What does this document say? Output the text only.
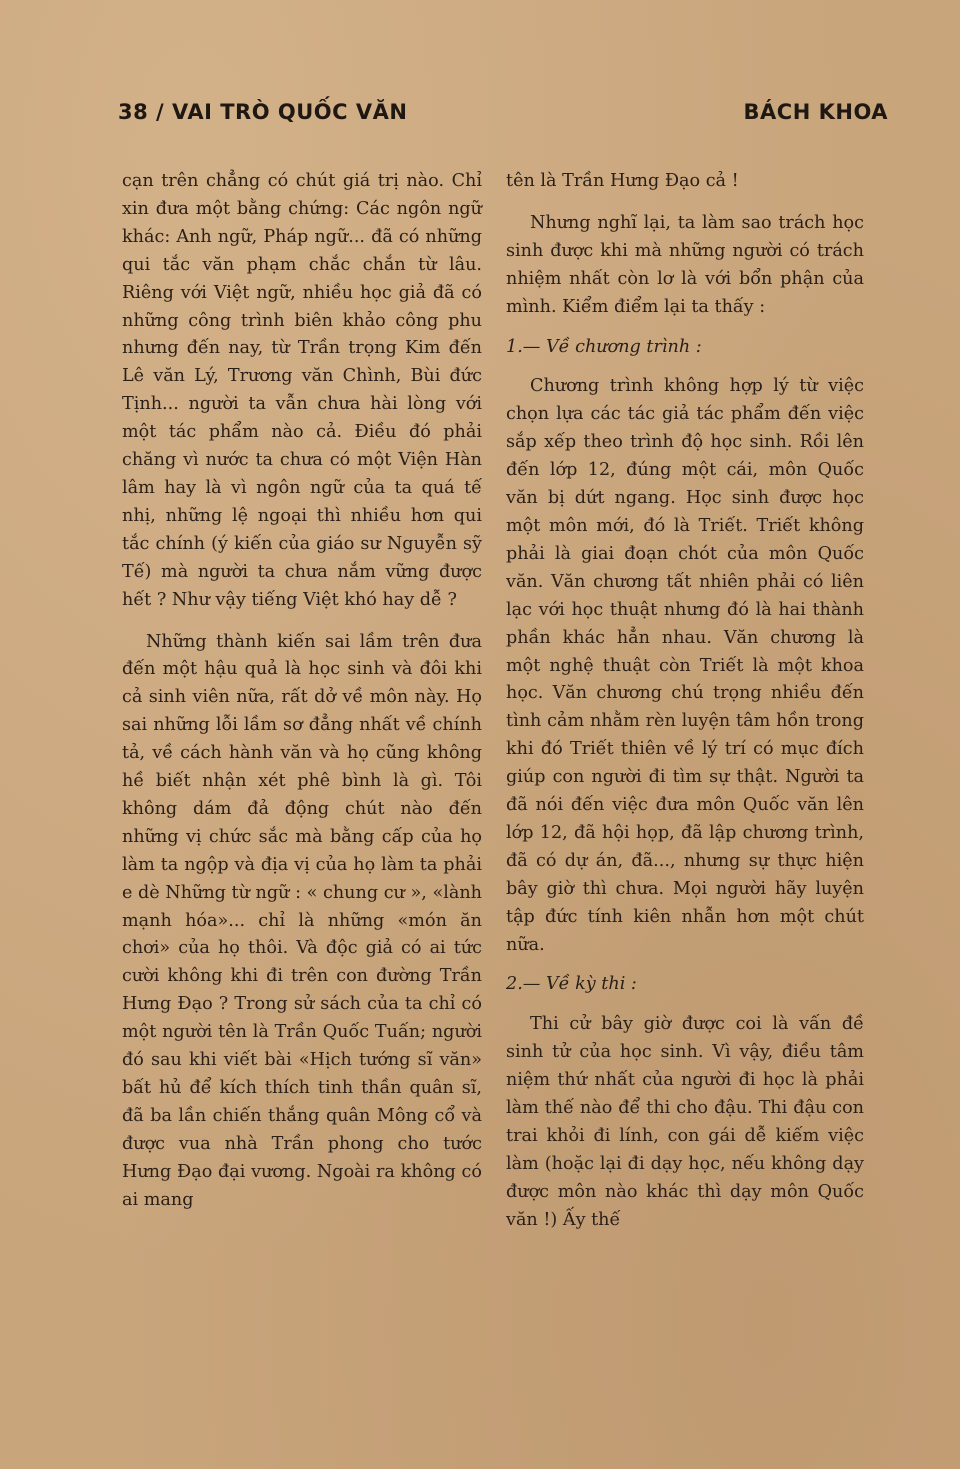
38 / VAI TRÒ QUỐC VĂN	BÁCH KHOA

cạn trên chẳng có chút giá trị nào. Chỉ xin đưa một bằng chứng: Các ngôn ngữ khác: Anh ngữ, Pháp ngữ... đã có những qui tắc văn phạm chắc chắn từ lâu. Riêng với Việt ngữ, nhiều học giả đã có những công trình biên khảo công phu nhưng đến nay, từ Trần trọng Kim đến Lê văn Lý, Trương văn Chình, Bùi đức Tịnh... người ta vẫn chưa hài lòng với một tác phẩm nào cả. Điều đó phải chăng vì nước ta chưa có một Viện Hàn lâm hay là vì ngôn ngữ của ta quá tế nhị, những lệ ngoại thì nhiều hơn qui tắc chính (ý kiến của giáo sư Nguyễn sỹ Tế) mà người ta chưa nắm vững được hết ? Như vậy tiếng Việt khó hay dễ ?

Những thành kiến sai lầm trên đưa đến một hậu quả là học sinh và đôi khi cả sinh viên nữa, rất dở về môn này. Họ sai những lỗi lầm sơ đẳng nhất về chính tả, về cách hành văn và họ cũng không hề biết nhận xét phê bình là gì. Tôi không dám đả động chút nào đến những vị chức sắc mà bằng cấp của họ làm ta ngộp và địa vị của họ làm ta phải e dè Những từ ngữ : « chung cư », «lành mạnh hóa»... chỉ là những «món ăn chơi» của họ thôi. Và độc giả có ai tức cười không khi đi trên con đường Trần Hưng Đạo ? Trong sử sách của ta chỉ có một người tên là Trần Quốc Tuấn; người đó sau khi viết bài «Hịch tướng sĩ văn» bất hủ để kích thích tinh thần quân sĩ, đã ba lần chiến thắng quân Mông cổ và được vua nhà Trần phong cho tước Hưng Đạo đại vương. Ngoài ra không có ai mang

tên là Trần Hưng Đạo cả !

Nhưng nghĩ lại, ta làm sao trách học sinh được khi mà những người có trách nhiệm nhất còn lơ là với bổn phận của mình. Kiểm điểm lại ta thấy :

1.— Về chương trình :

Chương trình không hợp lý từ việc chọn lựa các tác giả tác phẩm đến việc sắp xếp theo trình độ học sinh. Rồi lên đến lớp 12, đúng một cái, môn Quốc văn bị dứt ngang. Học sinh được học một môn mới, đó là Triết. Triết không phải là giai đoạn chót của môn Quốc văn. Văn chương tất nhiên phải có liên lạc với học thuật nhưng đó là hai thành phần khác hẳn nhau. Văn chương là một nghệ thuật còn Triết là một khoa học. Văn chương chú trọng nhiều đến tình cảm nhằm rèn luyện tâm hồn trong khi đó Triết thiên về lý trí có mục đích giúp con người đi tìm sự thật. Người ta đã nói đến việc đưa môn Quốc văn lên lớp 12, đã hội họp, đã lập chương trình, đã có dự án, đã..., nhưng sự thực hiện bây giờ thì chưa. Mọi người hãy luyện tập đức tính kiên nhẫn hơn một chút nữa.

2.— Về kỳ thi :

Thi cử bây giờ được coi là vấn đề sinh tử của học sinh. Vì vậy, điều tâm niệm thứ nhất của người đi học là phải làm thế nào để thi cho đậu. Thi đậu con trai khỏi đi lính, con gái dễ kiếm việc làm (hoặc lại đi dạy học, nếu không dạy được môn nào khác thì dạy môn Quốc văn !) Ấy thế
